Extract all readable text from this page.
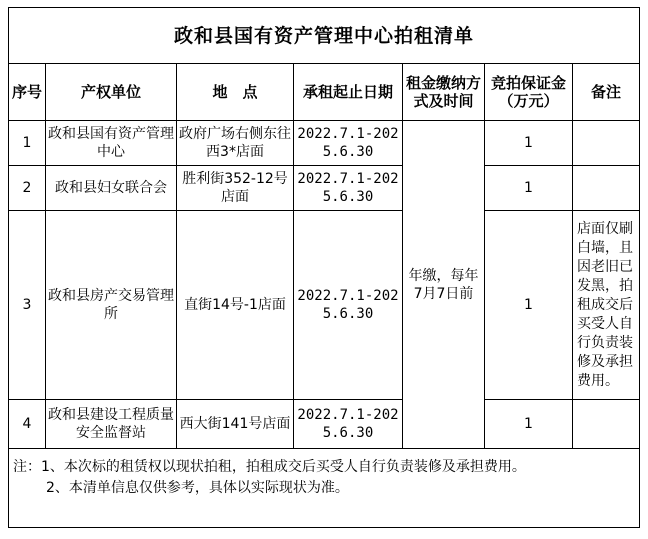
政和县国有资产管理中心拍租清单						
序号	产权单位	地　点	承租起止日期	租金缴纳方式及时间	竞拍保证金（万元）	备注
1	政和县国有资产管理中心	政府广场右侧东往西3*店面	2022.7.1-2025.6.30	年缴，每年7月7日前	1	
2	政和县妇女联合会	胜利街352-12号店面	2022.7.1-2025.6.30		1	
3	政和县房产交易管理所	直街14号-1店面	2022.7.1-2025.6.30		1	店面仅刷白墙，且因老旧已发黑，拍租成交后买受人自行负责装修及承担费用。
4	政和县建设工程质量安全监督站	西大街141号店面	2022.7.1-2025.6.30		1	

注：1、本次标的租赁权以现状拍租，拍租成交后买受人自行负责装修及承担费用。
2、本清单信息仅供参考，具体以实际现状为准。						
